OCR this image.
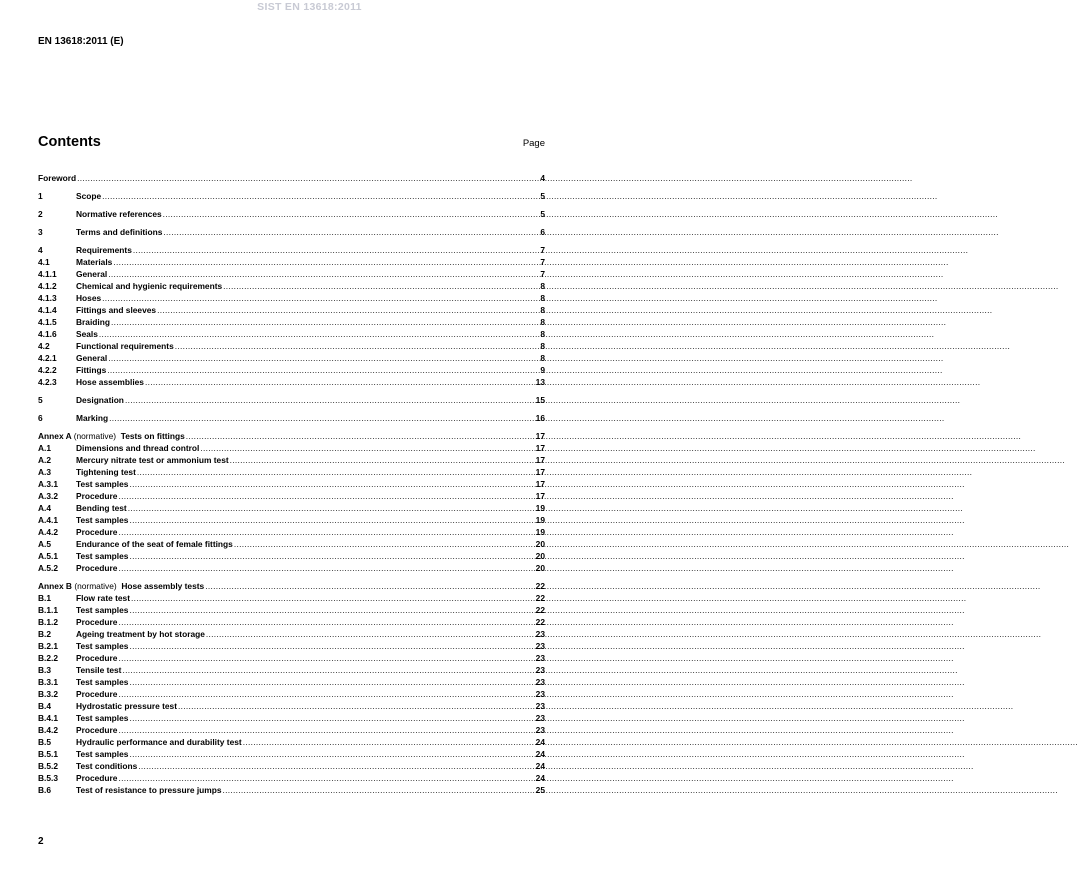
SIST EN 13618:2011
EN 13618:2011 (E)
Contents	Page
Foreword .....	4
1	Scope .....	5
2	Normative references .....	5
3	Terms and definitions .....	6
4	Requirements .....	7
4.1	Materials .....	7
4.1.1	General .....	7
4.1.2	Chemical and hygienic requirements .....	8
4.1.3	Hoses .....	8
4.1.4	Fittings and sleeves .....	8
4.1.5	Braiding .....	8
4.1.6	Seals .....	8
4.2	Functional requirements .....	8
4.2.1	General .....	8
4.2.2	Fittings .....	9
4.2.3	Hose assemblies .....	13
5	Designation .....	15
6	Marking .....	16
Annex A (normative) Tests on fittings .....	17
A.1	Dimensions and thread control .....	17
A.2	Mercury nitrate test or ammonium test .....	17
A.3	Tightening test .....	17
A.3.1	Test samples .....	17
A.3.2	Procedure .....	17
A.4	Bending test .....	19
A.4.1	Test samples .....	19
A.4.2	Procedure .....	19
A.5	Endurance of the seat of female fittings .....	20
A.5.1	Test samples .....	20
A.5.2	Procedure .....	20
Annex B (normative) Hose assembly tests .....	22
B.1	Flow rate test .....	22
B.1.1	Test samples .....	22
B.1.2	Procedure .....	22
B.2	Ageing treatment by hot storage .....	23
B.2.1	Test samples .....	23
B.2.2	Procedure .....	23
B.3	Tensile test .....	23
B.3.1	Test samples .....	23
B.3.2	Procedure .....	23
B.4	Hydrostatic pressure test .....	23
B.4.1	Test samples .....	23
B.4.2	Procedure .....	23
B.5	Hydraulic performance and durability test .....	24
B.5.1	Test samples .....	24
B.5.2	Test conditions .....	24
B.5.3	Procedure .....	24
B.6	Test of resistance to pressure jumps .....	25
2
